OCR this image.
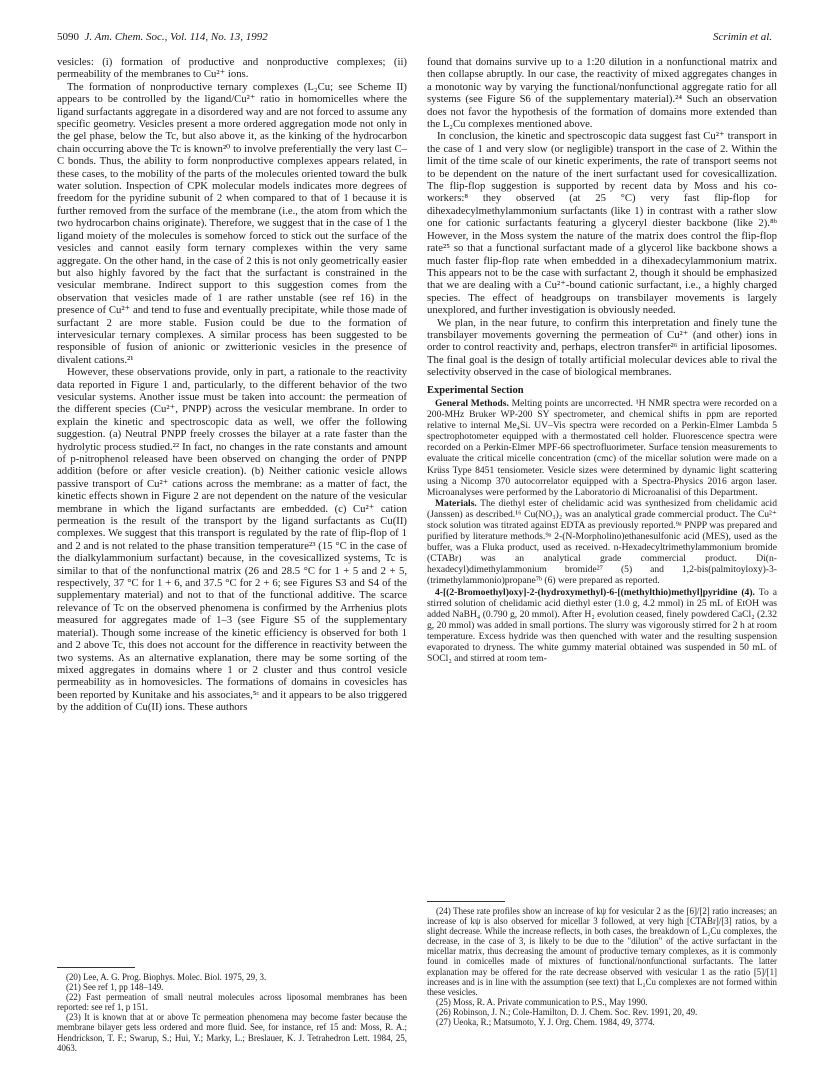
5090 J. Am. Chem. Soc., Vol. 114, No. 13, 1992	Scrimin et al.

vesicles: (i) formation of productive and nonproductive complexes; (ii) permeability of the membranes to Cu²⁺ ions.

The formation of nonproductive ternary complexes (L₂Cu; see Scheme II) appears to be controlled by the ligand/Cu²⁺ ratio in homomicelles where the ligand surfactants aggregate in a disordered way and are not forced to assume any specific geometry. Vesicles present a more ordered aggregation mode not only in the gel phase, below the Tc, but also above it, as the kinking of the hydrocarbon chain occurring above the Tc is known²⁰ to involve preferentially the very last C–C bonds. Thus, the ability to form nonproductive complexes appears related, in these cases, to the mobility of the parts of the molecules oriented toward the bulk water solution. Inspection of CPK molecular models indicates more degrees of freedom for the pyridine subunit of 2 when compared to that of 1 because it is further removed from the surface of the membrane (i.e., the atom from which the two hydrocarbon chains originate). Therefore, we suggest that in the case of 1 the ligand moiety of the molecules is somehow forced to stick out the surface of the vesicles and cannot easily form ternary complexes within the very same aggregate. On the other hand, in the case of 2 this is not only geometrically easier but also highly favored by the fact that the surfactant is constrained in the vesicular membrane. Indirect support to this suggestion comes from the observation that vesicles made of 1 are rather unstable (see ref 16) in the presence of Cu²⁺ and tend to fuse and eventually precipitate, while those made of surfactant 2 are more stable. Fusion could be due to the formation of intervesicular ternary complexes. A similar process has been suggested to be responsible of fusion of anionic or zwitterionic vesicles in the presence of divalent cations.²¹

However, these observations provide, only in part, a rationale to the reactivity data reported in Figure 1 and, particularly, to the different behavior of the two vesicular systems. Another issue must be taken into account: the permeation of the different species (Cu²⁺, PNPP) across the vesicular membrane. In order to explain the kinetic and spectroscopic data as well, we offer the following suggestion. (a) Neutral PNPP freely crosses the bilayer at a rate faster than the hydrolytic process studied.²² In fact, no changes in the rate constants and amount of p-nitrophenol released have been observed on changing the order of PNPP addition (before or after vesicle creation). (b) Neither cationic vesicle allows passive transport of Cu²⁺ cations across the membrane: as a matter of fact, the kinetic effects shown in Figure 2 are not dependent on the nature of the vesicular membrane in which the ligand surfactants are embedded. (c) Cu²⁺ cation permeation is the result of the transport by the ligand surfactants as Cu(II) complexes. We suggest that this transport is regulated by the rate of flip-flop of 1 and 2 and is not related to the phase transition temperature²³ (15 °C in the case of the dialkylammonium surfactant) because, in the covesicallized systems, Tc is similar to that of the nonfunctional matrix (26 and 28.5 °C for 1 + 5 and 2 + 5, respectively, 37 °C for 1 + 6, and 37.5 °C for 2 + 6; see Figures S3 and S4 of the supplementary material) and not to that of the functional additive. The scarce relevance of Tc on the observed phenomena is confirmed by the Arrhenius plots measured for aggregates made of 1–3 (see Figure S5 of the supplementary material). Though some increase of the kinetic efficiency is observed for both 1 and 2 above Tc, this does not account for the difference in reactivity between the two systems. As an alternative explanation, there may be some sorting of the mixed aggregates in domains where 1 or 2 cluster and thus control vesicle permeability as in homovesicles. The formations of domains in covesicles has been reported by Kunitake and his associates,⁵ᶜ and it appears to be also triggered by the addition of Cu(II) ions. These authors

(20) Lee, A. G. Prog. Biophys. Molec. Biol. 1975, 29, 3.

(21) See ref 1, pp 148–149.

(22) Fast permeation of small neutral molecules across liposomal membranes has been reported: see ref 1, p 151.

(23) It is known that at or above Tc permeation phenomena may become faster because the membrane bilayer gets less ordered and more fluid. See, for instance, ref 15 and: Moss, R. A.; Hendrickson, T. F.; Swarup, S.; Hui, Y.; Marky, L.; Breslauer, K. J. Tetrahedron Lett. 1984, 25, 4063.

found that domains survive up to a 1:20 dilution in a nonfunctional matrix and then collapse abruptly. In our case, the reactivity of mixed aggregates changes in a monotonic way by varying the functional/nonfunctional aggregate ratio for all systems (see Figure S6 of the supplementary material).²⁴ Such an observation does not favor the hypothesis of the formation of domains more extended than the L₂Cu complexes mentioned above.

In conclusion, the kinetic and spectroscopic data suggest fast Cu²⁺ transport in the case of 1 and very slow (or negligible) transport in the case of 2. Within the limit of the time scale of our kinetic experiments, the rate of transport seems not to be dependent on the nature of the inert surfactant used for covesicallization. The flip-flop suggestion is supported by recent data by Moss and his co-workers:⁸ they observed (at 25 °C) very fast flip-flop for dihexadecylmethylammonium surfactants (like 1) in contrast with a rather slow one for cationic surfactants featuring a glyceryl diester backbone (like 2).⁸ᵇ However, in the Moss system the nature of the matrix does control the flip-flop rate²⁵ so that a functional surfactant made of a glycerol like backbone shows a much faster flip-flop rate when embedded in a dihexadecylammonium matrix. This appears not to be the case with surfactant 2, though it should be emphasized that we are dealing with a Cu²⁺-bound cationic surfactant, i.e., a highly charged species. The effect of headgroups on transbilayer movements is largely unexplored, and further investigation is obviously needed.

We plan, in the near future, to confirm this interpretation and finely tune the transbilayer movements governing the permeation of Cu²⁺ (and other) ions in order to control reactivity and, perhaps, electron transfer²⁶ in artificial liposomes. The final goal is the design of totally artificial molecular devices able to rival the selectivity observed in the case of biological membranes.

Experimental Section

General Methods. Melting points are uncorrected. ¹H NMR spectra were recorded on a 200-MHz Bruker WP-200 SY spectrometer, and chemical shifts in ppm are reported relative to internal Me₄Si. UV–Vis spectra were recorded on a Perkin-Elmer Lambda 5 spectrophotometer equipped with a thermostated cell holder. Fluorescence spectra were recorded on a Perkin-Elmer MPF-66 spectrofluorimeter. Surface tension measurements to evaluate the critical micelle concentration (cmc) of the micellar solution were made on a Krüss Type 8451 tensiometer. Vesicle sizes were determined by dynamic light scattering using a Nicomp 370 autocorrelator equipped with a Spectra-Physics 2016 argon laser. Microanalyses were performed by the Laboratorio di Microanalisi of this Department.

Materials. The diethyl ester of chelidamic acid was synthesized from chelidamic acid (Janssen) as described.¹⁶ Cu(NO₃)₂ was an analytical grade commercial product. The Cu²⁺ stock solution was titrated against EDTA as previously reported.⁹ᵃ PNPP was prepared and purified by literature methods.⁹ᵃ 2-(N-Morpholino)ethanesulfonic acid (MES), used as the buffer, was a Fluka product, used as received. n-Hexadecyltrimethylammonium bromide (CTABr) was an analytical grade commercial product. Di(n-hexadecyl)dimethylammonium bromide²⁷ (5) and 1,2-bis(palmitoyloxy)-3-(trimethylammonio)propane⁷ᵇ (6) were prepared as reported.

4-[(2-Bromoethyl)oxy]-2-(hydroxymethyl)-6-[(methylthio)methyl]pyridine (4). To a stirred solution of chelidamic acid diethyl ester (1.0 g, 4.2 mmol) in 25 mL of EtOH was added NaBH₄ (0.790 g, 20 mmol). After H₂ evolution ceased, finely powdered CaCl₂ (2.32 g, 20 mmol) was added in small portions. The slurry was vigorously stirred for 2 h at room temperature. Excess hydride was then quenched with water and the resulting suspension evaporated to dryness. The white gummy material obtained was suspended in 50 mL of SOCl₂ and stirred at room tem-

(24) These rate profiles show an increase of kψ for vesicular 2 as the [6]/[2] ratio increases; an increase of kψ is also observed for micellar 3 followed, at very high [CTABr]/[3] ratios, by a slight decrease. While the increase reflects, in both cases, the breakdown of L₂Cu complexes, the decrease, in the case of 3, is likely to be due to the "dilution" of the active surfactant in the micellar matrix, thus decreasing the amount of productive ternary complexes, as it is commonly found in comicelles made of mixtures of functional/nonfunctional surfactants. The latter explanation may be offered for the rate decrease observed with vesicular 1 as the ratio [5]/[1] increases and is in line with the assumption (see text) that L₂Cu complexes are not formed within these vesicles.

(25) Moss, R. A. Private communication to P.S., May 1990.

(26) Robinson, J. N.; Cole-Hamilton, D. J. Chem. Soc. Rev. 1991, 20, 49.

(27) Ueoka, R.; Matsumoto, Y. J. Org. Chem. 1984, 49, 3774.
